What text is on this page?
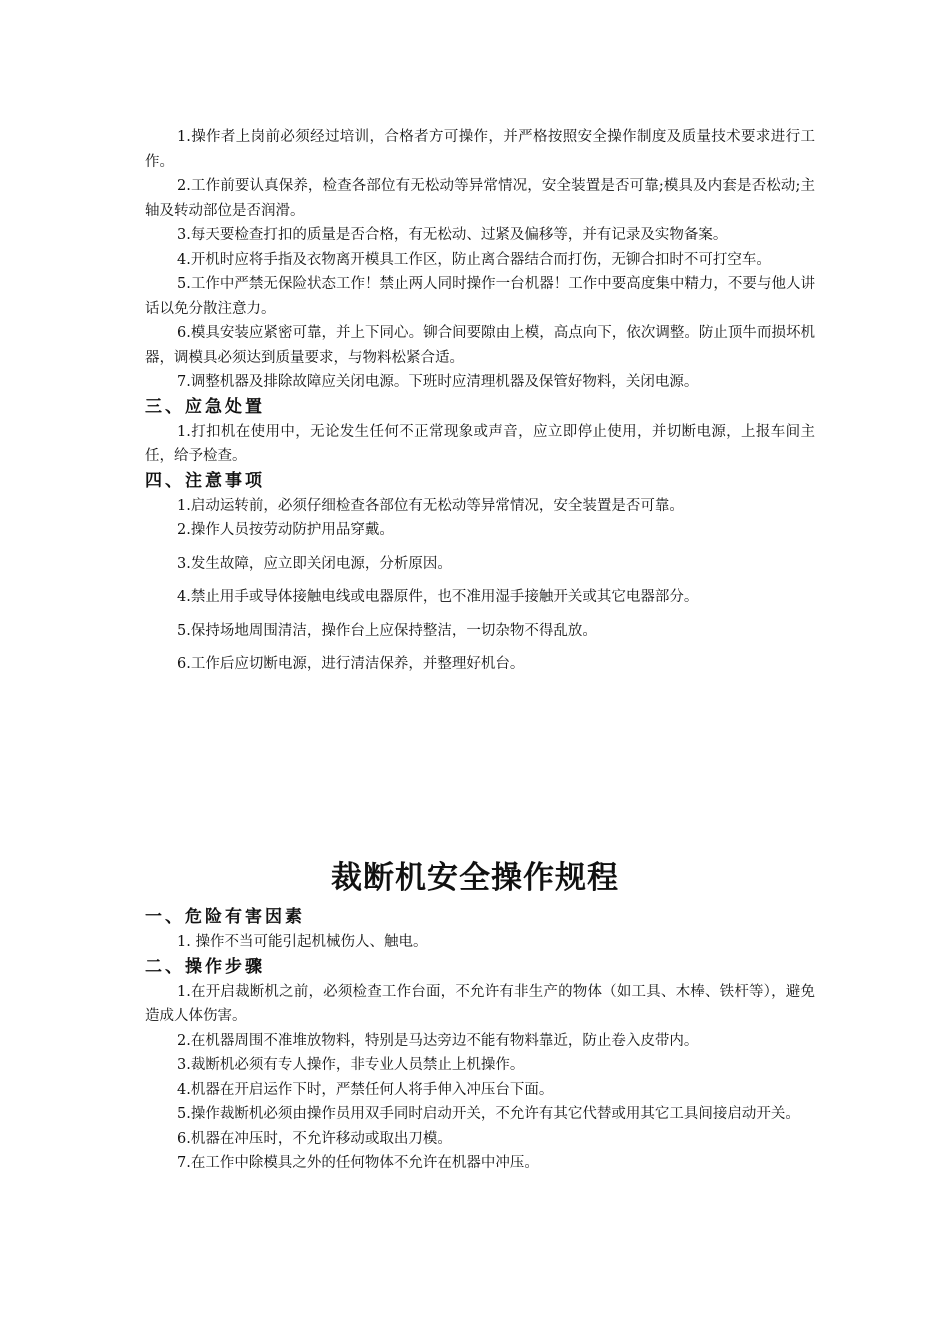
1.操作者上岗前必须经过培训，合格者方可操作，并严格按照安全操作制度及质量技术要求进行工作。

2.工作前要认真保养，检查各部位有无松动等异常情况，安全装置是否可靠;模具及内套是否松动;主轴及转动部位是否润滑。

3.每天要检查打扣的质量是否合格，有无松动、过紧及偏移等，并有记录及实物备案。

4.开机时应将手指及衣物离开模具工作区，防止离合器结合而打伤，无铆合扣时不可打空车。

5.工作中严禁无保险状态工作！禁止两人同时操作一台机器！工作中要高度集中精力，不要与他人讲话以免分散注意力。

6.模具安装应紧密可靠，并上下同心。铆合间要隙由上模，高点向下，依次调整。防止顶牛而损坏机器，调模具必须达到质量要求，与物料松紧合适。

7.调整机器及排除故障应关闭电源。下班时应清理机器及保管好物料，关闭电源。

三、应急处置

1.打扣机在使用中，无论发生任何不正常现象或声音，应立即停止使用，并切断电源，上报车间主任，给予检查。

四、注意事项

1.启动运转前，必须仔细检查各部位有无松动等异常情况，安全装置是否可靠。

2.操作人员按劳动防护用品穿戴。

3.发生故障，应立即关闭电源，分析原因。

4.禁止用手或导体接触电线或电器原件，也不准用湿手接触开关或其它电器部分。

5.保持场地周围清洁，操作台上应保持整洁，一切杂物不得乱放。

6.工作后应切断电源，进行清洁保养，并整理好机台。

裁断机安全操作规程
一、危险有害因素

1. 操作不当可能引起机械伤人、触电。

二、操作步骤

1.在开启裁断机之前，必须检查工作台面，不允许有非生产的物体（如工具、木棒、铁杆等），避免造成人体伤害。

2.在机器周围不准堆放物料，特别是马达旁边不能有物料靠近，防止卷入皮带内。

3.裁断机必须有专人操作，非专业人员禁止上机操作。

4.机器在开启运作下时，严禁任何人将手伸入冲压台下面。

5.操作裁断机必须由操作员用双手同时启动开关，不允许有其它代替或用其它工具间接启动开关。

6.机器在冲压时，不允许移动或取出刀模。

7.在工作中除模具之外的任何物体不允许在机器中冲压。
